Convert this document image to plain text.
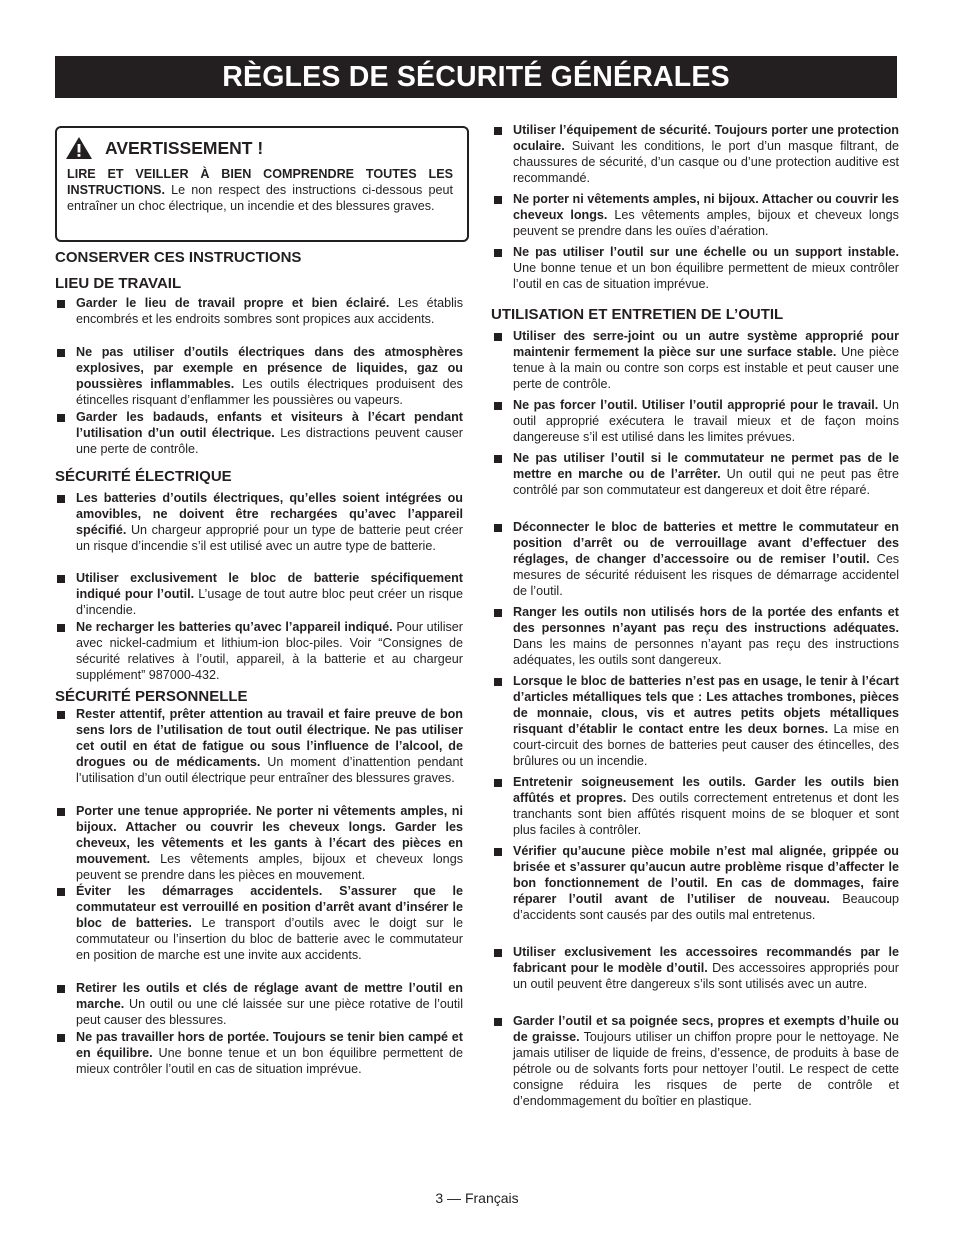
RÈGLES DE SÉCURITÉ GÉNÉRALES
AVERTISSEMENT !
LIRE ET VEILLER À BIEN COMPRENDRE TOUTES LES INSTRUCTIONS. Le non respect des instructions ci-dessous peut entraîner un choc électrique, un incendie et des blessures graves.
CONSERVER CES INSTRUCTIONS
LIEU DE TRAVAIL
Garder le lieu de travail propre et bien éclairé. Les établis encombrés et les endroits sombres sont propices aux accidents.
Ne pas utiliser d’outils électriques dans des atmosphères explosives, par exemple en présence de liquides, gaz ou poussières inflammables. Les outils électriques produisent des étincelles risquant d’enflammer les poussières ou vapeurs.
Garder les badauds, enfants et visiteurs à l’écart pendant l’utilisation d’un outil électrique. Les distractions peuvent causer une perte de contrôle.
SÉCURITÉ ÉLECTRIQUE
Les batteries d’outils électriques, qu’elles soient intégrées ou amovibles, ne doivent être rechargées qu’avec l’appareil spécifié. Un chargeur approprié pour un type de batterie peut créer un risque d’incendie s’il est utilisé avec un autre type de batterie.
Utiliser exclusivement le bloc de batterie spécifiquement indiqué pour l’outil. L’usage de tout autre bloc peut créer un risque d’incendie.
Ne recharger les batteries qu’avec l’appareil indiqué. Pour utiliser avec nickel-cadmium et lithium-ion bloc-piles. Voir “Consignes de sécurité relatives à l’outil, appareil, à la batterie et au chargeur supplément” 987000-432.
SÉCURITÉ PERSONNELLE
Rester attentif, prêter attention au travail et faire preuve de bon sens lors de l’utilisation de tout outil électrique. Ne pas utiliser cet outil en état de fatigue ou sous l’influence de l’alcool, de drogues ou de médicaments. Un moment d’inattention pendant l’utilisation d’un outil électrique peur entraîner des blessures graves.
Porter une tenue appropriée. Ne porter ni vêtements amples, ni bijoux. Attacher ou couvrir les cheveux longs. Garder les cheveux, les vêtements et les gants à l’écart des pièces en mouvement. Les vêtements amples, bijoux et cheveux longs peuvent se prendre dans les pièces en mouvement.
Éviter les démarrages accidentels. S’assurer que le commutateur est verrouillé en position d’arrêt avant d’insérer le bloc de batteries. Le transport d’outils avec le doigt sur le commutateur ou l’insertion du bloc de batterie avec le commutateur en position de marche est une invite aux accidents.
Retirer les outils et clés de réglage avant de mettre l’outil en marche. Un outil ou une clé laissée sur une pièce rotative de l’outil peut causer des blessures.
Ne pas travailler hors de portée. Toujours se tenir bien campé et en équilibre. Une bonne tenue et un bon équilibre permettent de mieux contrôler l’outil en cas de situation imprévue.
Utiliser l’équipement de sécurité. Toujours porter une protection oculaire. Suivant les conditions, le port d’un masque filtrant, de chaussures de sécurité, d’un casque ou d’une protection auditive est recommandé.
Ne porter ni vêtements amples, ni bijoux. Attacher ou couvrir les cheveux longs. Les vêtements amples, bijoux et cheveux longs peuvent se prendre dans les ouïes d’aération.
Ne pas utiliser l’outil sur une échelle ou un support instable. Une bonne tenue et un bon équilibre permettent de mieux contrôler l’outil en cas de situation imprévue.
UTILISATION ET ENTRETIEN DE L’OUTIL
Utiliser des serre-joint ou un autre système approprié pour maintenir fermement la pièce sur une surface stable. Une pièce tenue à la main ou contre son corps est instable et peut causer une perte de contrôle.
Ne pas forcer l’outil. Utiliser l’outil approprié pour le travail. Un outil approprié exécutera le travail mieux et de façon moins dangereuse s’il est utilisé dans les limites prévues.
Ne pas utiliser l’outil si le commutateur ne permet pas de le mettre en marche ou de l’arrêter. Un outil qui ne peut pas être contrôlé par son commutateur est dangereux et doit être réparé.
Déconnecter le bloc de batteries et mettre le commutateur en position d’arrêt ou de verrouillage avant d’effectuer des réglages, de changer d’accessoire ou de remiser l’outil. Ces mesures de sécurité réduisent les risques de démarrage accidentel de l’outil.
Ranger les outils non utilisés hors de la portée des enfants et des personnes n’ayant pas reçu des instructions adéquates. Dans les mains de personnes n’ayant pas reçu des instructions adéquates, les outils sont dangereux.
Lorsque le bloc de batteries n’est pas en usage, le tenir à l’écart d’articles métalliques tels que : Les attaches trombones, pièces de monnaie, clous, vis et autres petits objets métalliques risquant d’établir le contact entre les deux bornes. La mise en court-circuit des bornes de batteries peut causer des étincelles, des brûlures ou un incendie.
Entretenir soigneusement les outils. Garder les outils bien affûtés et propres. Des outils correctement entretenus et dont les tranchants sont bien affûtés risquent moins de se bloquer et sont plus faciles à contrôler.
Vérifier qu’aucune pièce mobile n’est mal alignée, grippée ou brisée et s’assurer qu’aucun autre problème risque d’affecter le bon fonctionnement de l’outil. En cas de dommages, faire réparer l’outil avant de l’utiliser de nouveau. Beaucoup d’accidents sont causés par des outils mal entretenus.
Utiliser exclusivement les accessoires recommandés par le fabricant pour le modèle d’outil. Des accessoires appropriés pour un outil peuvent être dangereux s’ils sont utilisés avec un autre.
Garder l’outil et sa poignée secs, propres et exempts d’huile ou de graisse. Toujours utiliser un chiffon propre pour le nettoyage. Ne jamais utiliser de liquide de freins, d’essence, de produits à base de pétrole ou de solvants forts pour nettoyer l’outil. Le respect de cette consigne réduira les risques de perte de contrôle et d’endommagement du boîtier en plastique.
3 — Français
